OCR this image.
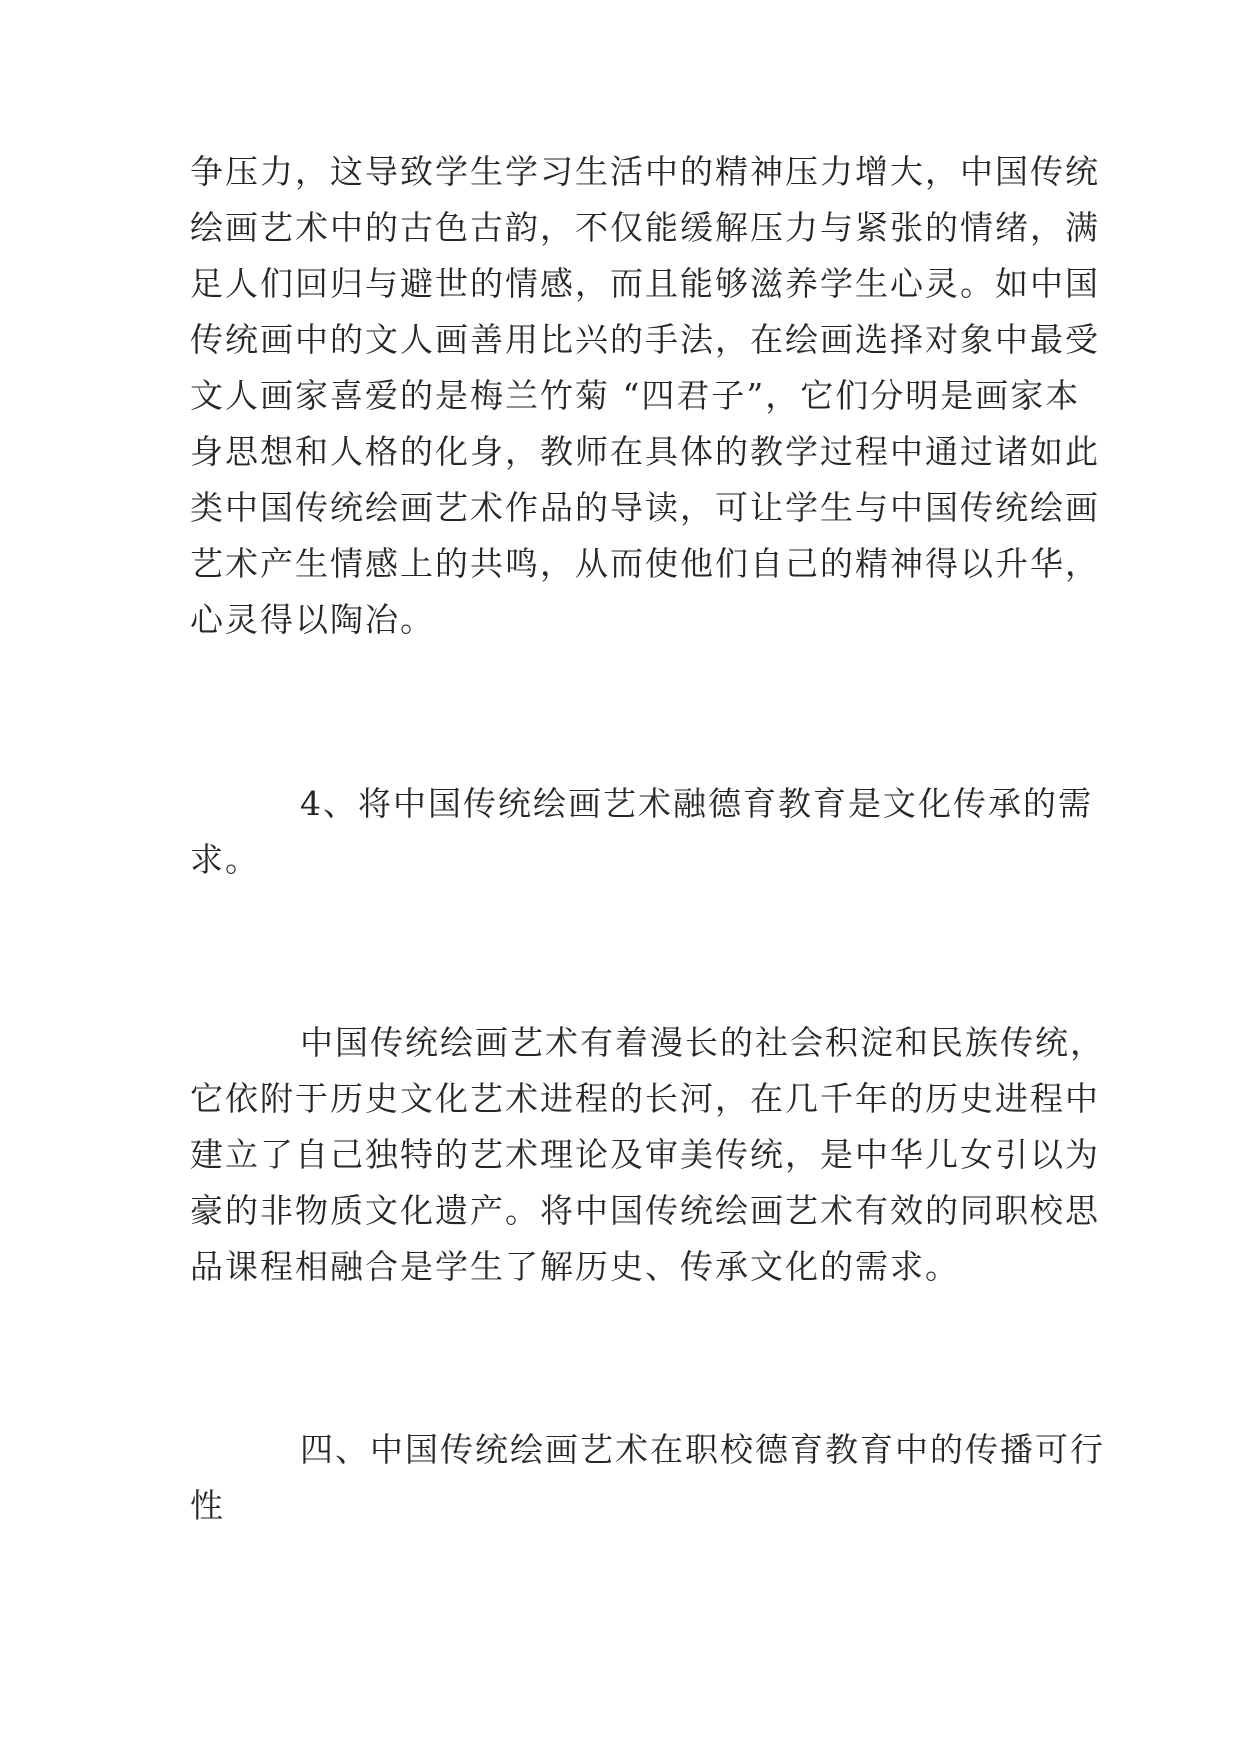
争压力，这导致学生学习生活中的精神压力增大，中国传统
绘画艺术中的古色古韵，不仅能缓解压力与紧张的情绪，满
足人们回归与避世的情感，而且能够滋养学生心灵。如中国
传统画中的文人画善用比兴的手法，在绘画选择对象中最受
文人画家喜爱的是梅兰竹菊 “四君子”，它们分明是画家本
身思想和人格的化身，教师在具体的教学过程中通过诸如此
类中国传统绘画艺术作品的导读，可让学生与中国传统绘画
艺术产生情感上的共鸣，从而使他们自己的精神得以升华，
心灵得以陶冶。
4、将中国传统绘画艺术融德育教育是文化传承的需
求。
中国传统绘画艺术有着漫长的社会积淀和民族传统，
它依附于历史文化艺术进程的长河，在几千年的历史进程中
建立了自己独特的艺术理论及审美传统，是中华儿女引以为
豪的非物质文化遗产。将中国传统绘画艺术有效的同职校思
品课程相融合是学生了解历史、传承文化的需求。
四、中国传统绘画艺术在职校德育教育中的传播可行
性
